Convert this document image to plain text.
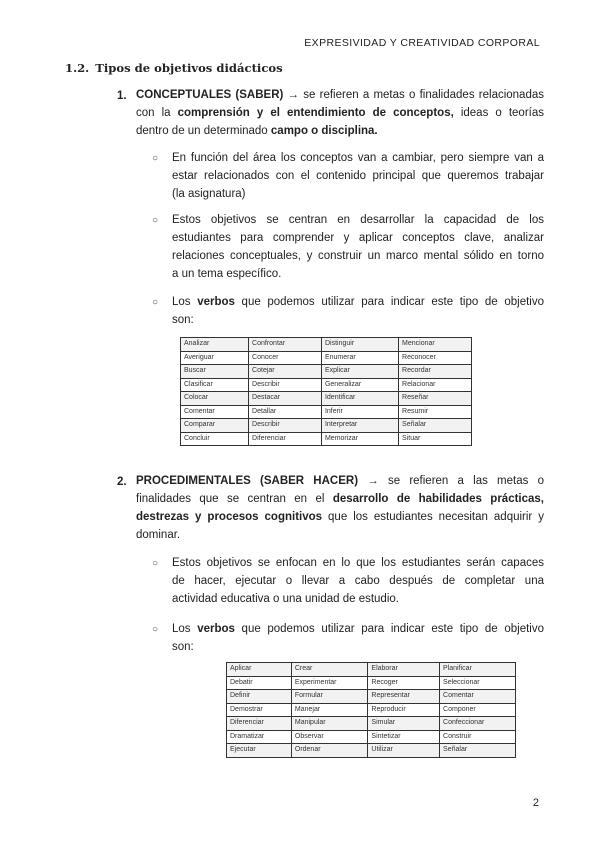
EXPRESIVIDAD Y CREATIVIDAD CORPORAL
1.2. Tipos de objetivos didácticos
1. CONCEPTUALES (SABER) → se refieren a metas o finalidades relacionadas
con la comprensión y el entendimiento de conceptos, ideas o teorías
dentro de un determinado campo o disciplina.
○ En función del área los conceptos van a cambiar, pero siempre van a
estar relacionados con el contenido principal que queremos trabajar
(la asignatura)
○ Estos objetivos se centran en desarrollar la capacidad de los
estudiantes para comprender y aplicar conceptos clave, analizar
relaciones conceptuales, y construir un marco mental sólido en torno
a un tema específico.
○ Los verbos que podemos utilizar para indicar este tipo de objetivo
son:
Analizar	Confrontar	Distinguir	Mencionar
Averiguar	Conocer	Enumerar	Reconocer
Buscar	Cotejar	Explicar	Recordar
Clasificar	Describir	Generalizar	Relacionar
Colocar	Destacar	Identificar	Reseñar
Comentar	Detallar	Inferir	Resumir
Comparar	Describir	Interpretar	Señalar
Concluir	Diferenciar	Memorizar	Situar
2. PROCEDIMENTALES (SABER HACER) → se refieren a las metas o
finalidades que se centran en el desarrollo de habilidades prácticas,
destrezas y procesos cognitivos que los estudiantes necesitan adquirir y
dominar.
○ Estos objetivos se enfocan en lo que los estudiantes serán capaces
de hacer, ejecutar o llevar a cabo después de completar una
actividad educativa o una unidad de estudio.
○ Los verbos que podemos utilizar para indicar este tipo de objetivo
son:
Aplicar	Crear	Elaborar	Planificar
Debatir	Experimentar	Recoger	Seleccionar
Definir	Formular	Representar	Comentar
Demostrar	Manejar	Reproducir	Componer
Diferenciar	Manipular	Simular	Confeccionar
Dramatizar	Observar	Sintetizar	Construir
Ejecutar	Ordenar	Utilizar	Señalar
2
